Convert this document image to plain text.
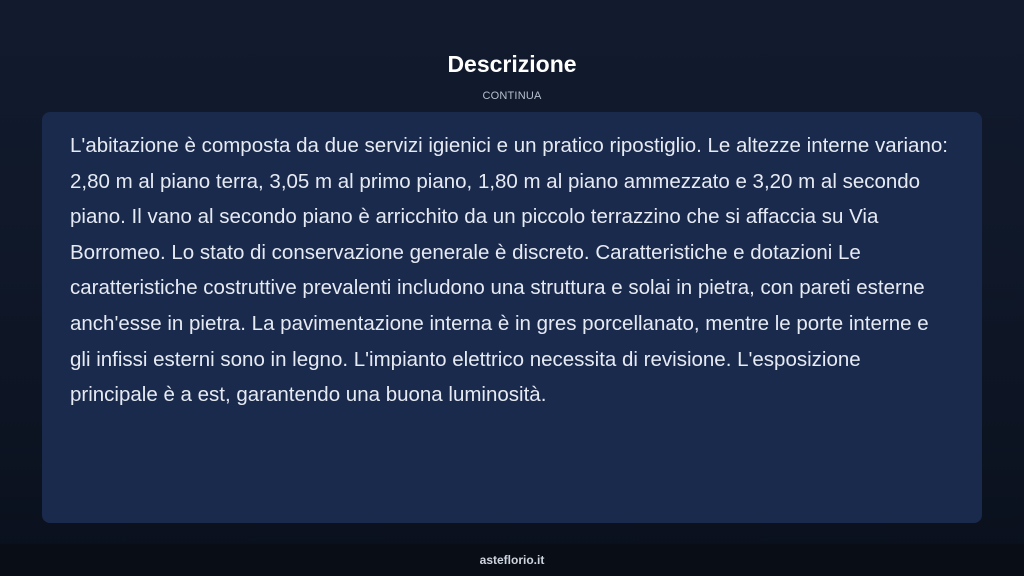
Descrizione
CONTINUA

L'abitazione è composta da due servizi igienici e un pratico ripostiglio. Le altezze interne variano: 2,80 m al piano terra, 3,05 m al primo piano, 1,80 m al piano ammezzato e 3,20 m al secondo piano. Il vano al secondo piano è arricchito da un piccolo terrazzino che si affaccia su Via Borromeo. Lo stato di conservazione generale è discreto. Caratteristiche e dotazioni Le caratteristiche costruttive prevalenti includono una struttura e solai in pietra, con pareti esterne anch'esse in pietra. La pavimentazione interna è in gres porcellanato, mentre le porte interne e gli infissi esterni sono in legno. L'impianto elettrico necessita di revisione. L'esposizione principale è a est, garantendo una buona luminosità.

asteflorio.it
